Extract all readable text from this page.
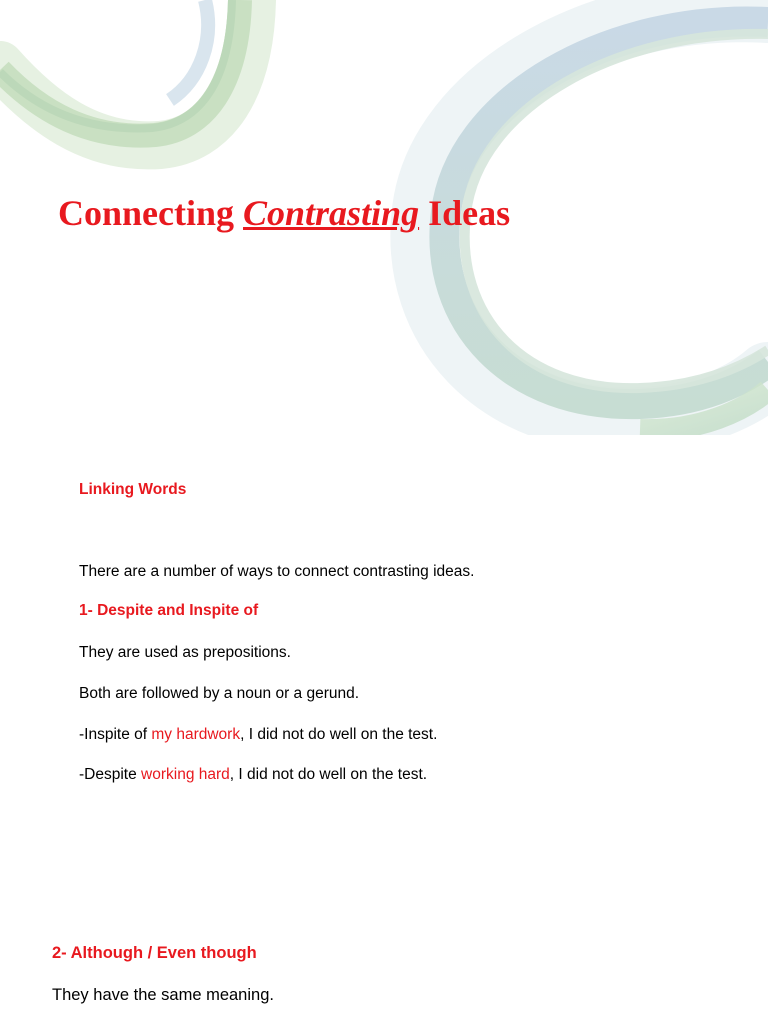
Connecting Contrasting Ideas

Linking Words

There are a number of ways to connect contrasting ideas.

1- Despite and Inspite of

They are used as prepositions.

Both are followed by a noun or a gerund.

-Inspite of my hardwork, I did not do well on the test.

-Despite working hard, I did not do well on the test.

2- Although / Even though

They have the same meaning.
